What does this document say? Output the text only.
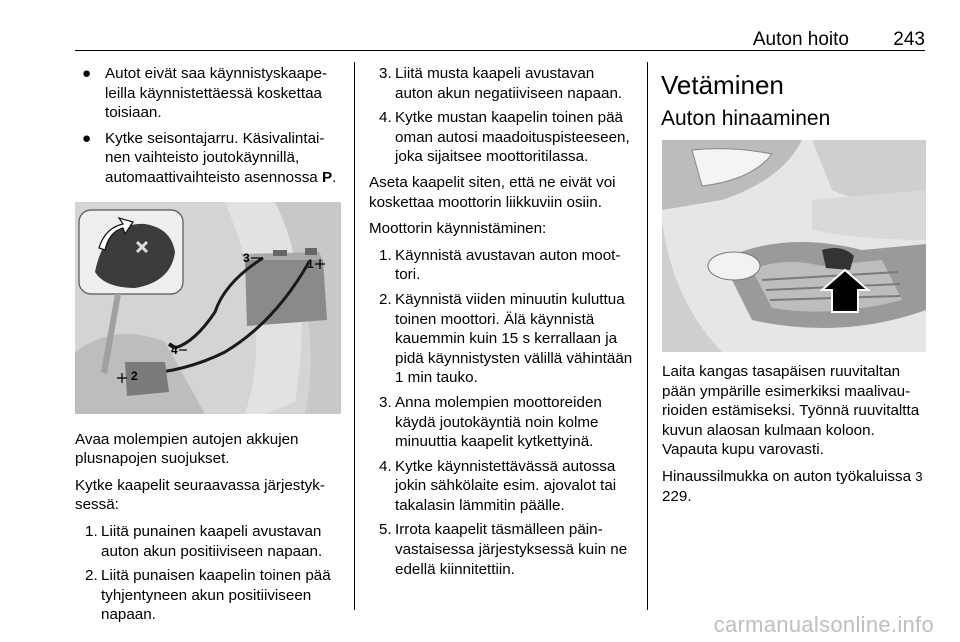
Auton hoito 243
● Autot eivät saa käynnistyskaapeleilla käynnistettäessä koskettaa toisiaan.
● Kytke seisontajarru. Käsivalintainen vaihteisto joutokäynnillä, automaattivaihteisto asennossa P.
3	1
4
2

Avaa molempien autojen akkujen plusnapojen suojukset.

Kytke kaapelit seuraavassa järjestyksessä:

1. Liitä punainen kaapeli avustavan auton akun positiiviseen napaan.
2. Liitä punaisen kaapelin toinen pää tyhjentyneen akun positiiviseen napaan.
3. Liitä musta kaapeli avustavan auton akun negatiiviseen napaan.
4. Kytke mustan kaapelin toinen pää oman autosi maadoituspisteeseen, joka sijaitsee moottoritilassa.

Aseta kaapelit siten, että ne eivät voi koskettaa moottorin liikkuviin osiin.

Moottorin käynnistäminen:

1. Käynnistä avustavan auton moottori.
2. Käynnistä viiden minuutin kuluttua toinen moottori. Älä käynnistä kauemmin kuin 15 s kerrallaan ja pidä käynnistysten välillä vähintään 1 min tauko.
3. Anna molempien moottoreiden käydä joutokäyntiä noin kolme minuuttia kaapelit kytkettyinä.
4. Kytke käynnistettävässä autossa jokin sähkölaite esim. ajovalot tai takalasin lämmitin päälle.
5. Irrota kaapelit täsmälleen päinvastaisessa järjestyksessä kuin ne edellä kiinnitettiin.
Vetäminen
Auton hinaaminen

Laita kangas tasapäisen ruuvitaltan pään ympärille esimerkiksi maalivaurioiden estämiseksi. Työnnä ruuvitaltta kuvun alaosan kulmaan koloon. Vapauta kupu varovasti.

Hinaussilmukka on auton työkaluissa 3 229.

carmanualsonline.info
